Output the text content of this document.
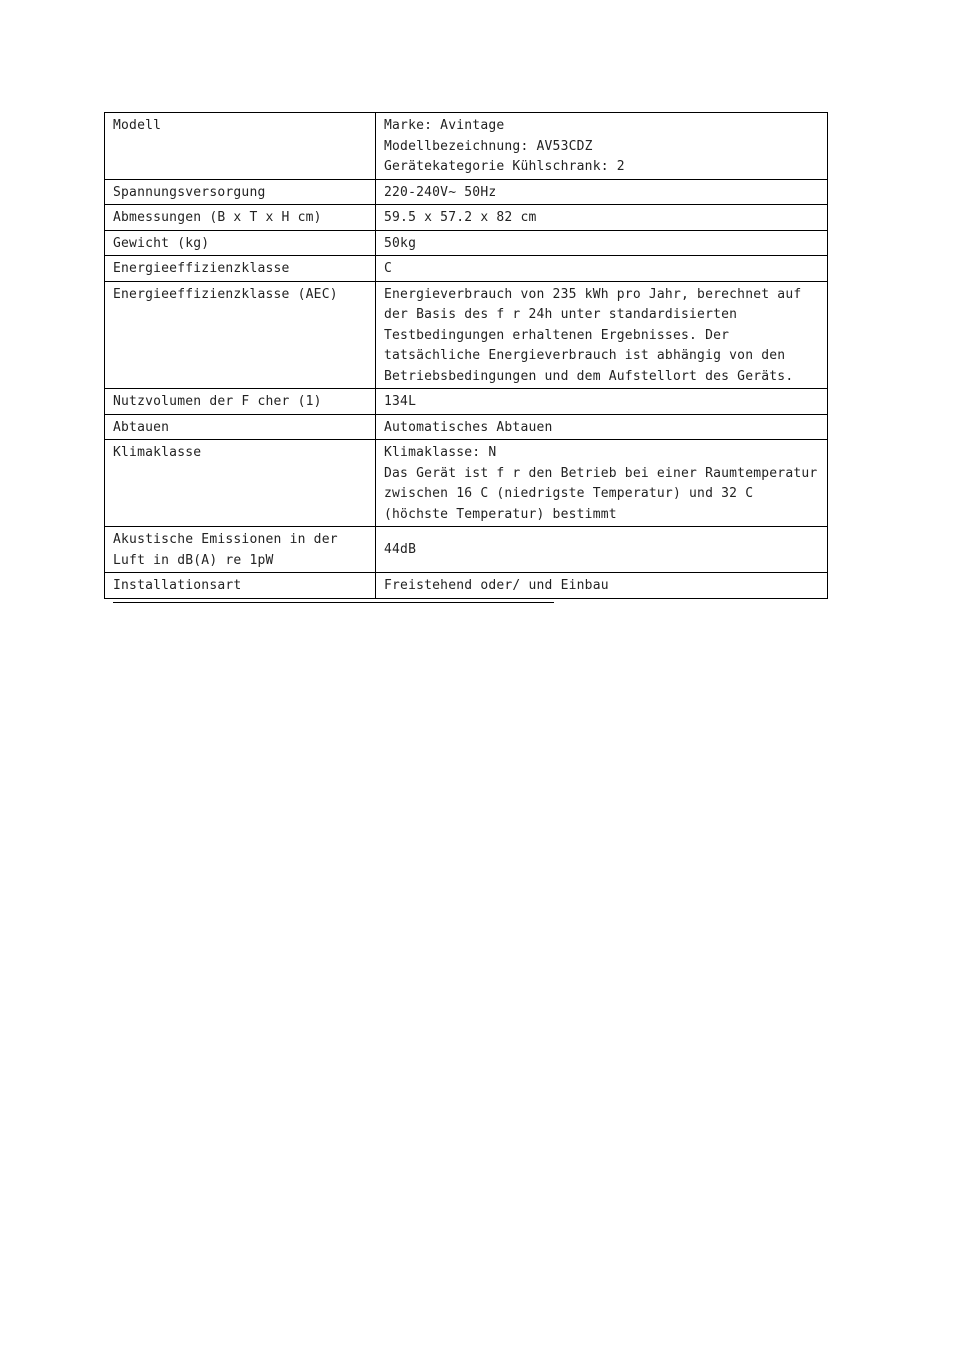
Modell	Marke: Avintage
Modellbezeichnung: AV53CDZ
Gerätekategorie Kühlschrank: 2

Spannungsversorgung	220-240V~ 50Hz

Abmessungen (B x T x H cm)	59.5 x 57.2 x 82 cm

Gewicht (kg)	50kg

Energieeffizienzklasse	C

Energieeffizienzklasse (AEC)	Energieverbrauch von 235 kWh pro Jahr, berechnet auf
der Basis des f r 24h unter standardisierten
Testbedingungen erhaltenen Ergebnisses. Der
tatsächliche Energieverbrauch ist abhängig von den
Betriebsbedingungen und dem Aufstellort des Geräts.

Nutzvolumen der F cher (1)	134L

Abtauen	Automatisches Abtauen

Klimaklasse	Klimaklasse: N
Das Gerät ist f r den Betrieb bei einer Raumtemperatur
zwischen 16 C (niedrigste Temperatur) und 32 C
(höchste Temperatur) bestimmt

Akustische Emissionen in der
Luft in dB(A) re 1pW	44dB

Installationsart	Freistehend oder/ und Einbau
